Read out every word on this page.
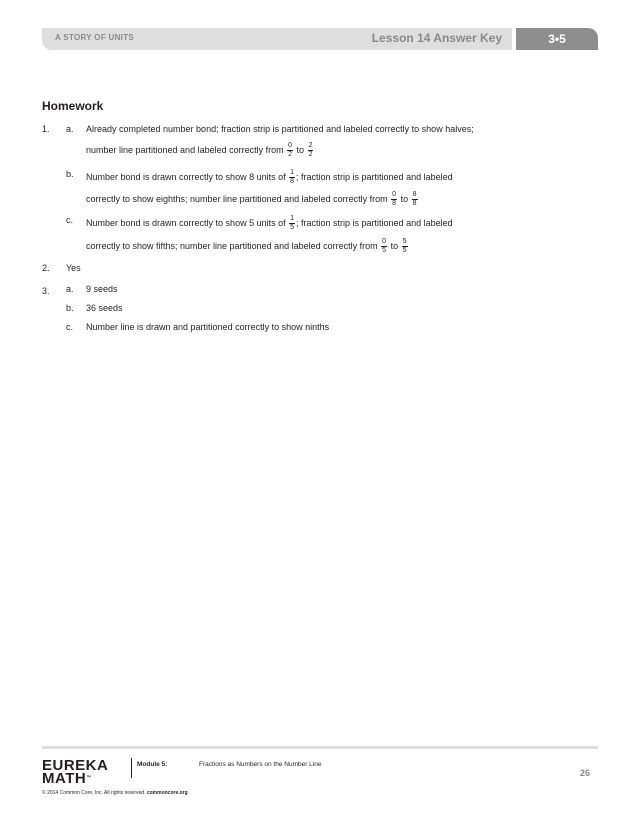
A STORY OF UNITS	Lesson 14 Answer Key	3•5
Homework
1. a. Already completed number bond; fraction strip is partitioned and labeled correctly to show halves;
number line partitioned and labeled correctly from $\frac{0}{2}$ to $\frac{2}{2}$
b. Number bond is drawn correctly to show 8 units of $\frac{1}{8}$ ; fraction strip is partitioned and labeled
correctly to show eighths; number line partitioned and labeled correctly from $\frac{0}{8}$ to $\frac{8}{8}$
c. Number bond is drawn correctly to show 5 units of $\frac{1}{5}$ ; fraction strip is partitioned and labeled
correctly to show fifths; number line partitioned and labeled correctly from $\frac{0}{5}$ to $\frac{5}{5}$
2. Yes
3. a. 9 seeds
b. 36 seeds
c. Number line is drawn and partitioned correctly to show ninths
EUREKA
MATH™
Module 5:	Fractions as Numbers on the Number Line
26
© 2014 Common Core, Inc. All rights reserved. commoncore.org
